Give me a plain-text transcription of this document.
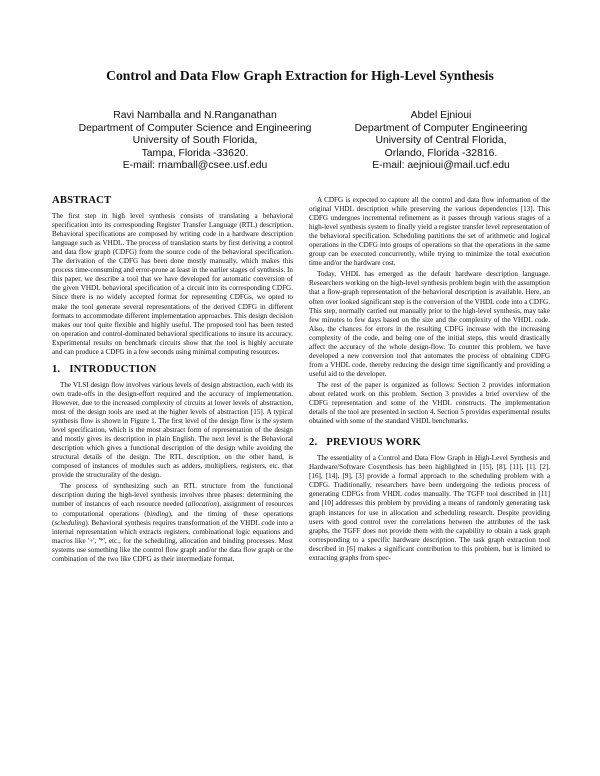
Control and Data Flow Graph Extraction for High-Level Synthesis
Ravi Namballa and N.Ranganathan
Department of Computer Science and Engineering
University of South Florida,
Tampa, Florida -33620.
E-mail: rnamball@csee.usf.edu
Abdel Ejnioui
Department of Computer Engineering
University of Central Florida,
Orlando, Florida -32816.
E-mail: aejnioui@mail.ucf.edu
ABSTRACT

The first step in high level synthesis consists of translating a behavioral specification into its corresponding Register Transfer Language (RTL) description. Behavioral specifications are composed by writing code in a hardware description language such as VHDL. The process of translation starts by first deriving a control and data flow graph (CDFG) from the source code of the behavioral specification. The derivation of the CDFG has been done mostly manually, which makes this process time-consuming and error-prone at least in the earlier stages of synthesis. In this paper, we describe a tool that we have developed for automatic conversion of the given VHDL behavioral specification of a circuit into its corresponding CDFG. Since there is no widely accepted format for representing CDFGs, we opted to make the tool generate several representations of the derived CDFG in different formats to accommodate different implementation approaches. This design decision makes our tool quite flexible and highly useful. The proposed tool has been tested on operation and control-dominated behavioral specifications to insure its accuracy. Experimental results on benchmark circuits show that the tool is highly accurate and can produce a CDFG in a few seconds using minimal computing resources.

1. INTRODUCTION

The VLSI design flow involves various levels of design abstraction, each with its own trade-offs in the design-effort required and the accuracy of implementation. However, due to the increased complexity of circuits at lower levels of abstraction, most of the design tools are used at the higher levels of abstraction [15]. A typical synthesis flow is shown in Figure 1. The first level of the design flow is the system level specification, which is the most abstract form of representation of the design and mostly gives its description in plain English. The next level is the Behavioral description which gives a functional description of the design while avoiding the structural details of the design. The RTL description, on the other hand, is composed of instances of modules such as adders, multipliers, registers, etc. that provide the structurality of the design.

The process of synthesizing such an RTL structure from the functional description during the high-level synthesis involves three phases: determining the number of instances of each resource needed (allocation), assignment of resources to computational operations (binding), and the timing of these operations (scheduling). Behavioral synthesis requires transformation of the VHDL code into a internal representation which extracts registers, combinational logic equations and macros like '+', '*', etc., for the scheduling, allocation and binding processes. Most systems use something like the control flow graph and/or the data flow graph or the combination of the two like CDFG as their intermediate format.

A CDFG is expected to capture all the control and data flow information of the original VHDL description while preserving the various dependencies [13]. This CDFG undergoes incremental refinement as it passes through various stages of a high-level synthesis system to finally yield a register transfer level representation of the behavioral specification. Scheduling partitions the set of arithmetic and logical operations in the CDFG into groups of operations so that the operations in the same group can be executed concurrently, while trying to minimize the total execution time and/or the hardware cost.

Today, VHDL has emerged as the default hardware description language. Researchers working on the high-level synthesis problem begin with the assumption that a flow-graph representation of the behavioral description is available. Here, an often over looked significant step is the conversion of the VHDL code into a CDFG. This step, normally carried out manually prior to the high-level synthesis, may take few minutes to few days based on the size and the complexity of the VHDL code. Also, the chances for errors in the resulting CDFG increase with the increasing complexity of the code, and being one of the initial steps, this would drastically affect the accuracy of the whole design-flow. To counter this problem, we have developed a new conversion tool that automates the process of obtaining CDFG from a VHDL code, thereby reducing the design time significantly and providing a useful aid to the developer.

The rest of the paper is organized as follows: Section 2 provides information about related work on this problem. Section 3 provides a brief overview of the CDFG representation and some of the VHDL constructs. The implementation details of the tool are presented in section 4. Section 5 provides experimental results obtained with some of the standard VHDL benchmarks.

2. PREVIOUS WORK

The essentiality of a Control and Data Flow Graph in High-Level Synthesis and Hardware/Software Cosynthesis has been highlighted in [15], [8], [11], [1]. [2], [16], [14], [9], [3] provide a formal approach to the scheduling problem with a CDFG. Traditionally, researchers have been undergoing the tedious process of generating CDFGs from VHDL codes manually. The TGFF tool described in [11] and [10] addresses this problem by providing a means of randomly generating task graph instances for use in allocation and scheduling research. Despite providing users with good control over the correlations between the attributes of the task graphs, the TGFF does not provide them with the capability to obtain a task graph corresponding to a specific hardware description. The task graph extraction tool described in [6] makes a significant contribution to this problem, but is limited to extracting graphs from spec-
